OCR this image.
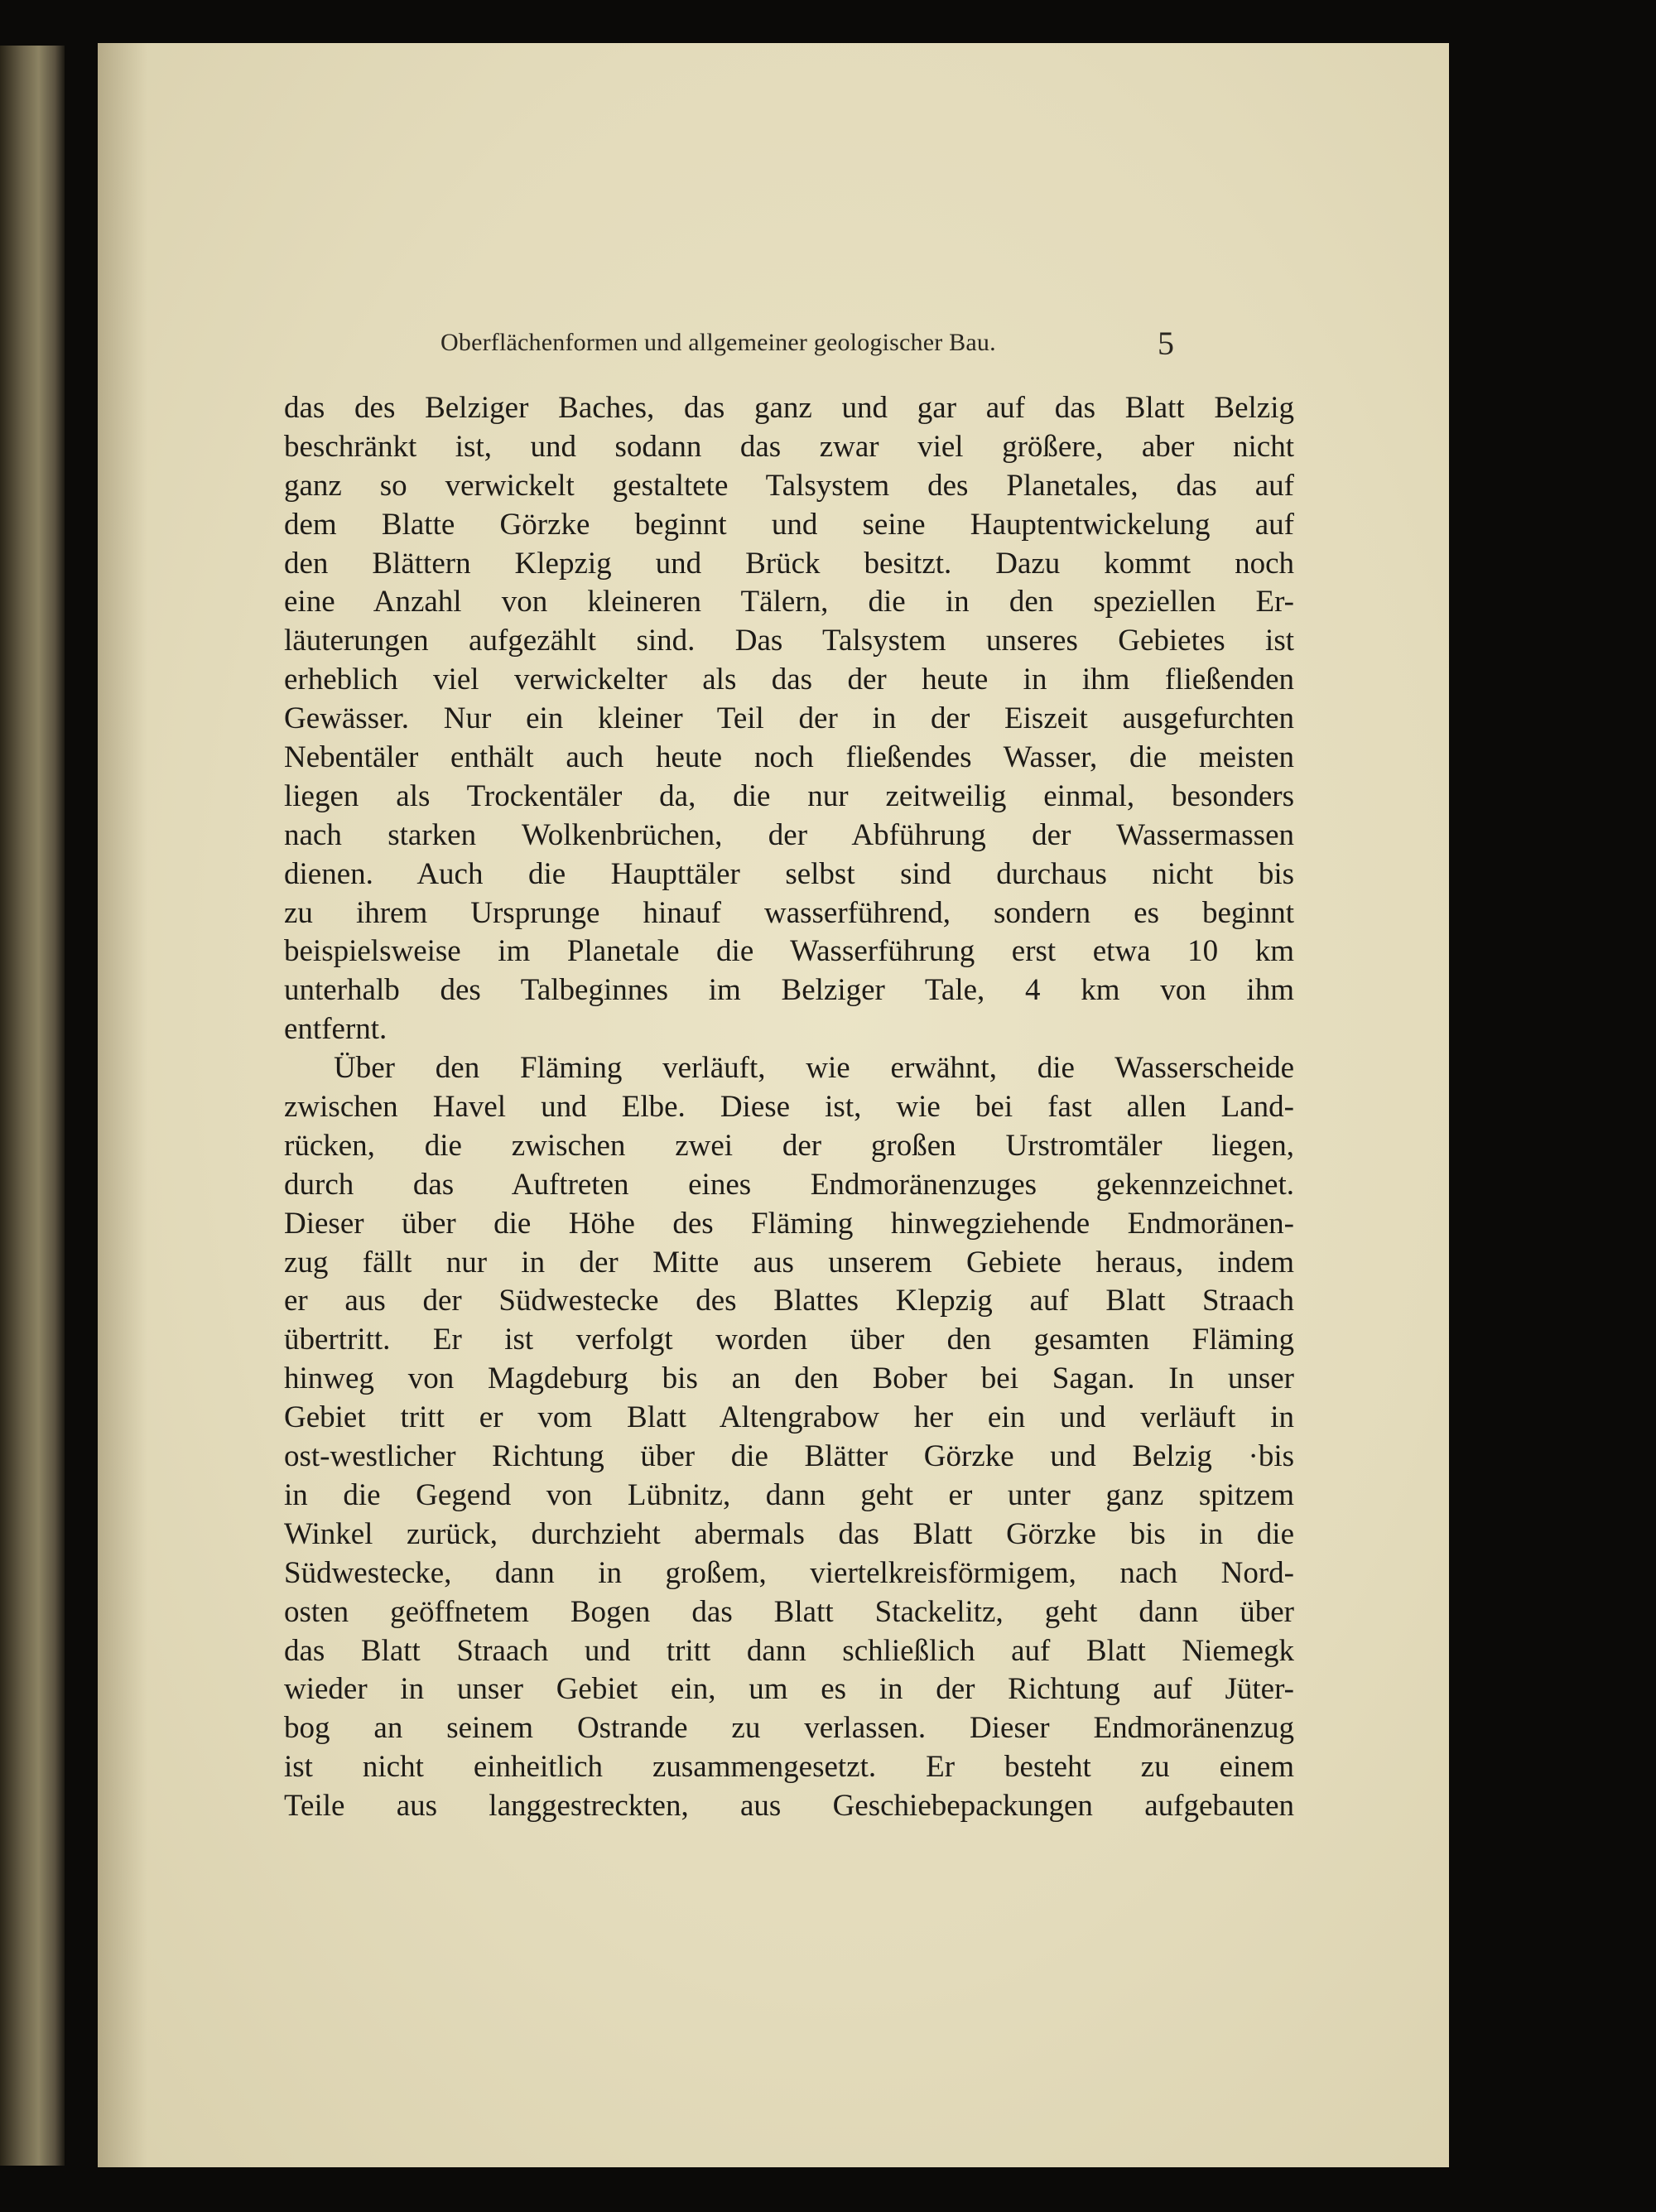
Oberflächenformen und allgemeiner geologischer Bau.	5
das des Belziger Baches, das ganz und gar auf das Blatt Belzig
beschränkt ist, und sodann das zwar viel größere, aber nicht
ganz so verwickelt gestaltete Talsystem des Planetales, das auf
dem Blatte Görzke beginnt und seine Hauptentwickelung auf
den Blättern Klepzig und Brück besitzt. Dazu kommt noch
eine Anzahl von kleineren Tälern, die in den speziellen Er-
läuterungen aufgezählt sind. Das Talsystem unseres Gebietes ist
erheblich viel verwickelter als das der heute in ihm fließenden
Gewässer. Nur ein kleiner Teil der in der Eiszeit ausgefurchten
Nebentäler enthält auch heute noch fließendes Wasser, die meisten
liegen als Trockentäler da, die nur zeitweilig einmal, besonders
nach starken Wolkenbrüchen, der Abführung der Wassermassen
dienen. Auch die Haupttäler selbst sind durchaus nicht bis
zu ihrem Ursprunge hinauf wasserführend, sondern es beginnt
beispielsweise im Planetale die Wasserführung erst etwa 10 km
unterhalb des Talbeginnes im Belziger Tale, 4 km von ihm
entfernt.
Über den Fläming verläuft, wie erwähnt, die Wasserscheide
zwischen Havel und Elbe. Diese ist, wie bei fast allen Land-
rücken, die zwischen zwei der großen Urstromtäler liegen,
durch das Auftreten eines Endmoränenzuges gekennzeichnet.
Dieser über die Höhe des Fläming hinwegziehende Endmoränen-
zug fällt nur in der Mitte aus unserem Gebiete heraus, indem
er aus der Südwestecke des Blattes Klepzig auf Blatt Straach
übertritt. Er ist verfolgt worden über den gesamten Fläming
hinweg von Magdeburg bis an den Bober bei Sagan. In unser
Gebiet tritt er vom Blatt Altengrabow her ein und verläuft in
ost-westlicher Richtung über die Blätter Görzke und Belzig ·bis
in die Gegend von Lübnitz, dann geht er unter ganz spitzem
Winkel zurück, durchzieht abermals das Blatt Görzke bis in die
Südwestecke, dann in großem, viertelkreisförmigem, nach Nord-
osten geöffnetem Bogen das Blatt Stackelitz, geht dann über
das Blatt Straach und tritt dann schließlich auf Blatt Niemegk
wieder in unser Gebiet ein, um es in der Richtung auf Jüter-
bog an seinem Ostrande zu verlassen. Dieser Endmoränenzug
ist nicht einheitlich zusammengesetzt. Er besteht zu einem
Teile aus langgestreckten, aus Geschiebepackungen aufgebauten
